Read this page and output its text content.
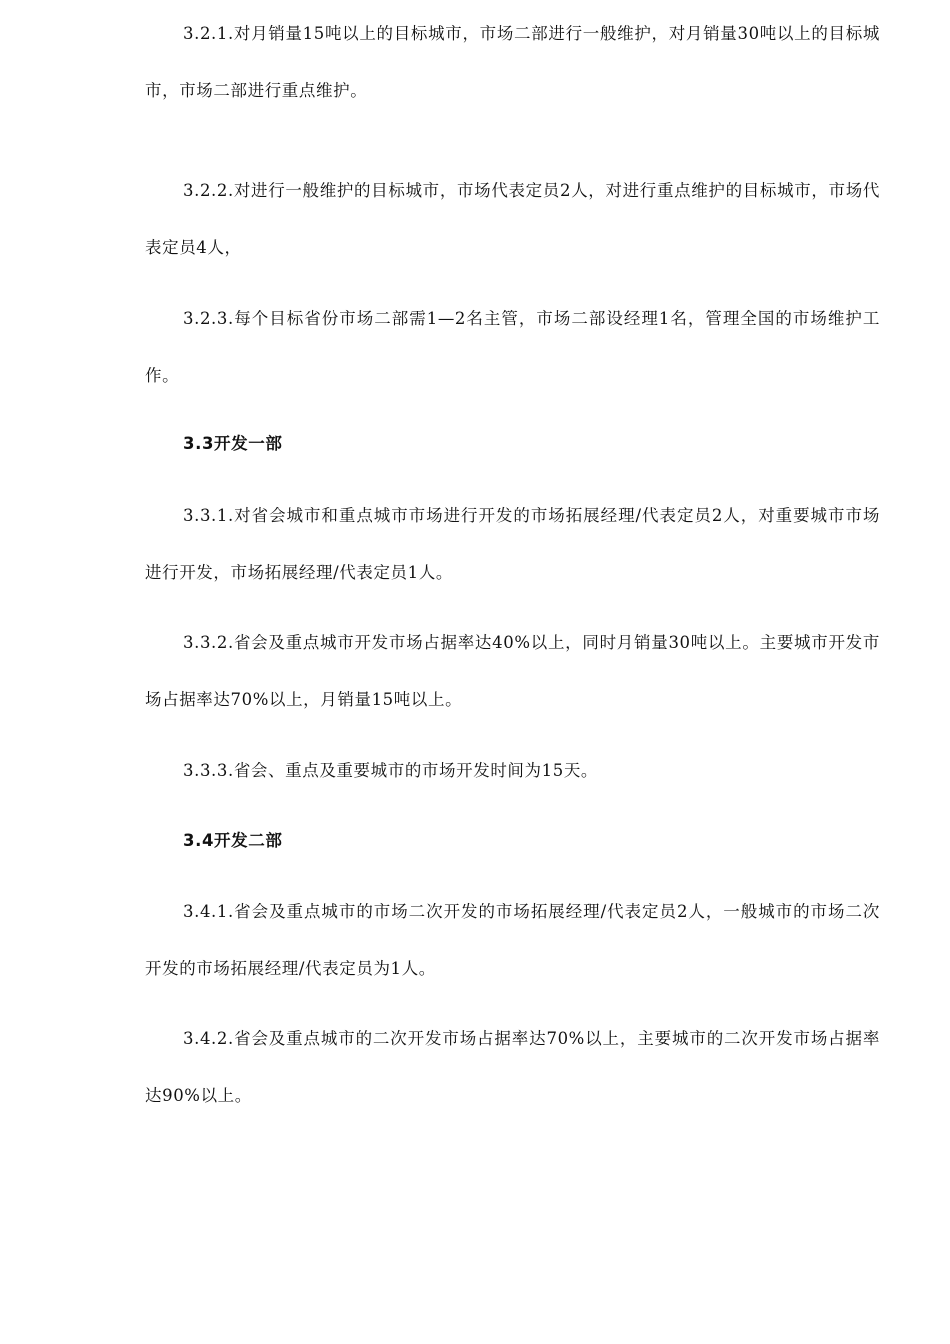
3.2.1.对月销量15吨以上的目标城市，市场二部进行一般维护，对月销量30吨以上的目标城市，市场二部进行重点维护。

3.2.2.对进行一般维护的目标城市，市场代表定员2人，对进行重点维护的目标城市，市场代表定员4人，

3.2.3.每个目标省份市场二部需1—2名主管，市场二部设经理1名，管理全国的市场维护工作。

3.3开发一部

3.3.1.对省会城市和重点城市市场进行开发的市场拓展经理/代表定员2人，对重要城市市场进行开发，市场拓展经理/代表定员1人。

3.3.2.省会及重点城市开发市场占据率达40%以上，同时月销量30吨以上。主要城市开发市场占据率达70%以上，月销量15吨以上。

3.3.3.省会、重点及重要城市的市场开发时间为15天。

3.4开发二部

3.4.1.省会及重点城市的市场二次开发的市场拓展经理/代表定员2人，一般城市的市场二次开发的市场拓展经理/代表定员为1人。

3.4.2.省会及重点城市的二次开发市场占据率达70%以上，主要城市的二次开发市场占据率达90%以上。
